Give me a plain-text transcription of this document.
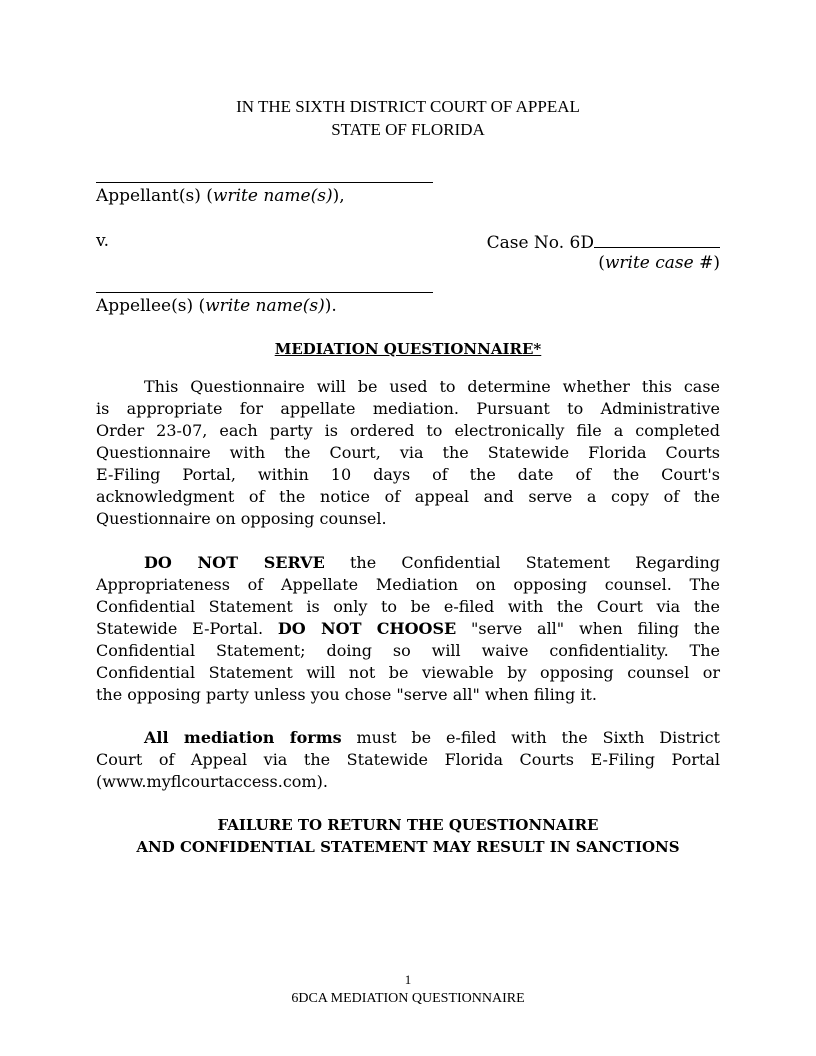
IN THE SIXTH DISTRICT COURT OF APPEAL
STATE OF FLORIDA
Appellant(s) (write name(s)),
v.	Case No. 6D
(write case #)
Appellee(s) (write name(s)).
MEDIATION QUESTIONNAIRE*
This Questionnaire will be used to determine whether this case
is appropriate for appellate mediation. Pursuant to Administrative
Order 23-07, each party is ordered to electronically file a completed
Questionnaire with the Court, via the Statewide Florida Courts
E-Filing Portal, within 10 days of the date of the Court's
acknowledgment of the notice of appeal and serve a copy of the
Questionnaire on opposing counsel.
DO NOT SERVE the Confidential Statement Regarding
Appropriateness of Appellate Mediation on opposing counsel. The
Confidential Statement is only to be e-filed with the Court via the
Statewide E-Portal. DO NOT CHOOSE "serve all" when filing the
Confidential Statement; doing so will waive confidentiality. The
Confidential Statement will not be viewable by opposing counsel or
the opposing party unless you chose "serve all" when filing it.
All mediation forms must be e-filed with the Sixth District
Court of Appeal via the Statewide Florida Courts E-Filing Portal
(www.myflcourtaccess.com).
FAILURE TO RETURN THE QUESTIONNAIRE
AND CONFIDENTIAL STATEMENT MAY RESULT IN SANCTIONS
1
6DCA MEDIATION QUESTIONNAIRE
